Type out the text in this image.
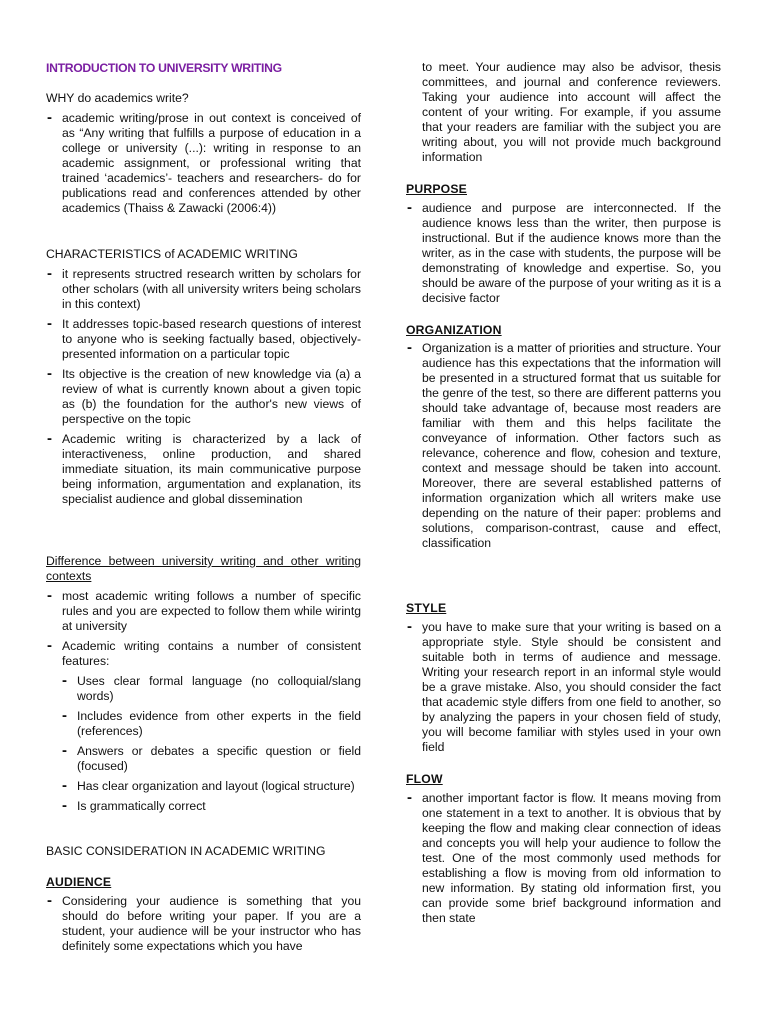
INTRODUCTION TO UNIVERSITY WRITING
WHY do academics write?
- academic writing/prose in out context is conceived of as “Any writing that fulfills a purpose of education in a college or university (...): writing in response to an academic assignment, or professional writing that trained ‘academics’- teachers and researchers- do for publications read and conferences attended by other academics (Thaiss & Zawacki (2006:4))
CHARACTERISTICS of ACADEMIC WRITING
- it represents structred research written by scholars for other scholars (with all university writers being scholars in this context)
- It addresses topic-based research questions of interest to anyone who is seeking factually based, objectively-presented information on a particular topic
- Its objective is the creation of new knowledge via (a) a review of what is currently known about a given topic as (b) the foundation for the author's new views of perspective on the topic
- Academic writing is characterized by a lack of interactiveness, online production, and shared immediate situation, its main communicative purpose being information, argumentation and explanation, its specialist audience and global dissemination
Difference between university writing and other writing contexts
- most academic writing follows a number of specific rules and you are expected to follow them while wirintg at university
- Academic writing contains a number of consistent features:
- Uses clear formal language (no colloquial/slang words)
- Includes evidence from other experts in the field (references)
- Answers or debates a specific question or field (focused)
- Has clear organization and layout (logical structure)
- Is grammatically correct
BASIC CONSIDERATION IN ACADEMIC WRITING
AUDIENCE
- Considering your audience is something that you should do before writing your paper. If you are a student, your audience will be your instructor who has definitely some expectations which you have

to meet. Your audience may also be advisor, thesis committees, and journal and conference reviewers. Taking your audience into account will affect the content of your writing. For example, if you assume that your readers are familiar with the subject you are writing about, you will not provide much background information

PURPOSE
- audience and purpose are interconnected. If the audience knows less than the writer, then purpose is instructional. But if the audience knows more than the writer, as in the case with students, the purpose will be demonstrating of knowledge and expertise. So, you should be aware of the purpose of your writing as it is a decisive factor
ORGANIZATION
- Organization is a matter of priorities and structure. Your audience has this expectations that the information will be presented in a structured format that us suitable for the genre of the test, so there are different patterns you should take advantage of, because most readers are familiar with them and this helps facilitate the conveyance of information. Other factors such as relevance, coherence and flow, cohesion and texture, context and message should be taken into account. Moreover, there are several established patterns of information organization which all writers make use depending on the nature of their paper: problems and solutions, comparison-contrast, cause and effect, classification
STYLE
- you have to make sure that your writing is based on a appropriate style. Style should be consistent and suitable both in terms of audience and message. Writing your research report in an informal style would be a grave mistake. Also, you should consider the fact that academic style differs from one field to another, so by analyzing the papers in your chosen field of study, you will become familiar with styles used in your own field
FLOW
- another important factor is flow. It means moving from one statement in a text to another. It is obvious that by keeping the flow and making clear connection of ideas and concepts you will help your audience to follow the test. One of the most commonly used methods for establishing a flow is moving from old information to new information. By stating old information first, you can provide some brief background information and then state
